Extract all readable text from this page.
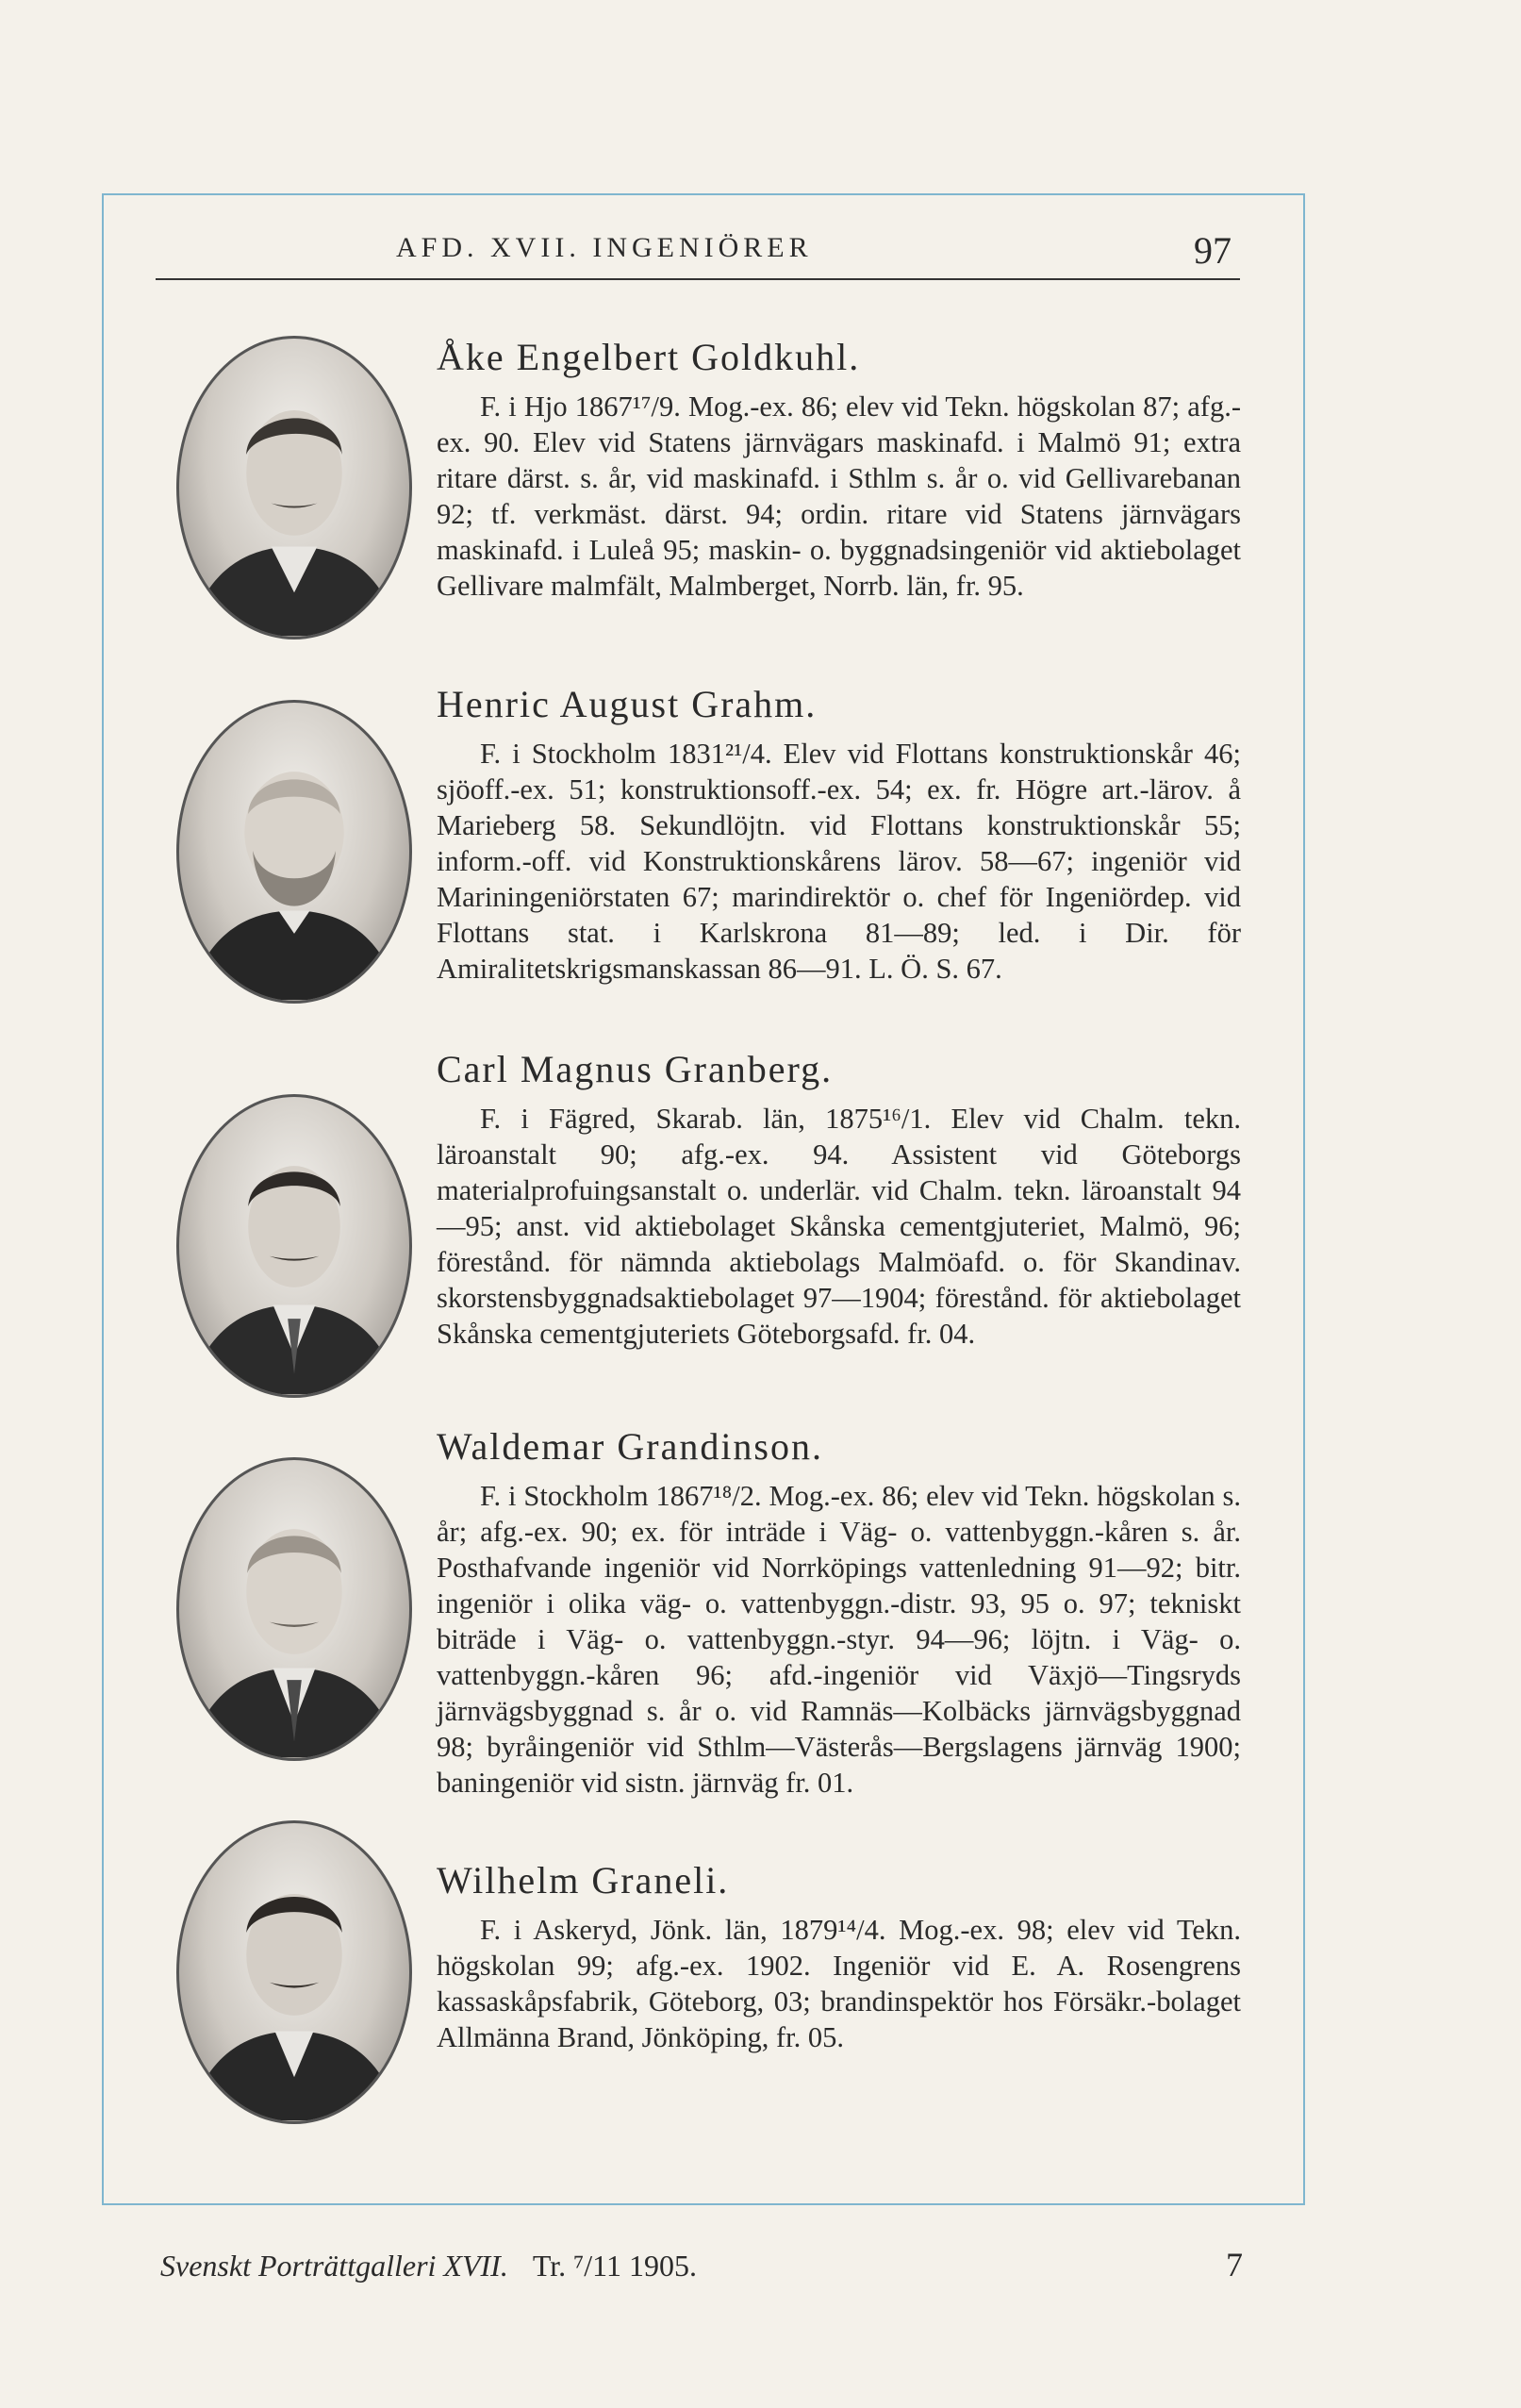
AFD. XVII. INGENIÖRER	97
Åke Engelbert Goldkuhl.

F. i Hjo 1867¹⁷/9. Mog.-ex. 86; elev vid Tekn. högskolan 87; afg.-ex. 90. Elev vid Statens järnvägars maskinafd. i Malmö 91; extra ritare därst. s. år, vid maskinafd. i Sthlm s. år o. vid Gellivarebanan 92; tf. verkmäst. därst. 94; ordin. ritare vid Statens järnvägars maskinafd. i Luleå 95; maskin- o. byggnadsingeniör vid aktiebolaget Gellivare malmfält, Malmberget, Norrb. län, fr. 95.

Henric August Grahm.

F. i Stockholm 1831²¹/4. Elev vid Flottans konstruktionskår 46; sjöoff.-ex. 51; konstruktionsoff.-ex. 54; ex. fr. Högre art.-lärov. å Marieberg 58. Sekundlöjtn. vid Flottans konstruktionskår 55; inform.-off. vid Konstruktionskårens lärov. 58—67; ingeniör vid Mariningeniörstaten 67; marindirektör o. chef för Ingeniördep. vid Flottans stat. i Karlskrona 81—89; led. i Dir. för Amiralitetskrigsmanskassan 86—91. L. Ö. S. 67.

Carl Magnus Granberg.

F. i Fägred, Skarab. län, 1875¹⁶/1. Elev vid Chalm. tekn. läroanstalt 90; afg.-ex. 94. Assistent vid Göteborgs materialprofuingsanstalt o. underlär. vid Chalm. tekn. läroanstalt 94—95; anst. vid aktiebolaget Skånska cementgjuteriet, Malmö, 96; förestånd. för nämnda aktiebolags Malmöafd. o. för Skandinav. skorstensbyggnadsaktiebolaget 97—1904; förestånd. för aktiebolaget Skånska cementgjuteriets Göteborgsafd. fr. 04.

Waldemar Grandinson.

F. i Stockholm 1867¹⁸/2. Mog.-ex. 86; elev vid Tekn. högskolan s. år; afg.-ex. 90; ex. för inträde i Väg- o. vattenbyggn.-kåren s. år. Posthafvande ingeniör vid Norrköpings vattenledning 91—92; bitr. ingeniör i olika väg- o. vattenbyggn.-distr. 93, 95 o. 97; tekniskt biträde i Väg- o. vattenbyggn.-styr. 94—96; löjtn. i Väg- o. vattenbyggn.-kåren 96; afd.-ingeniör vid Växjö—Tingsryds järnvägsbyggnad s. år o. vid Ramnäs—Kolbäcks järnvägsbyggnad 98; byråingeniör vid Sthlm—Västerås—Bergslagens järnväg 1900; baningeniör vid sistn. järnväg fr. 01.

Wilhelm Graneli.

F. i Askeryd, Jönk. län, 1879¹⁴/4. Mog.-ex. 98; elev vid Tekn. högskolan 99; afg.-ex. 1902. Ingeniör vid E. A. Rosengrens kassaskåpsfabrik, Göteborg, 03; brandinspektör hos Försäkr.-bolaget Allmänna Brand, Jönköping, fr. 05.

Svenskt Porträttgalleri XVII. Tr. ⁷/11 1905.	7
